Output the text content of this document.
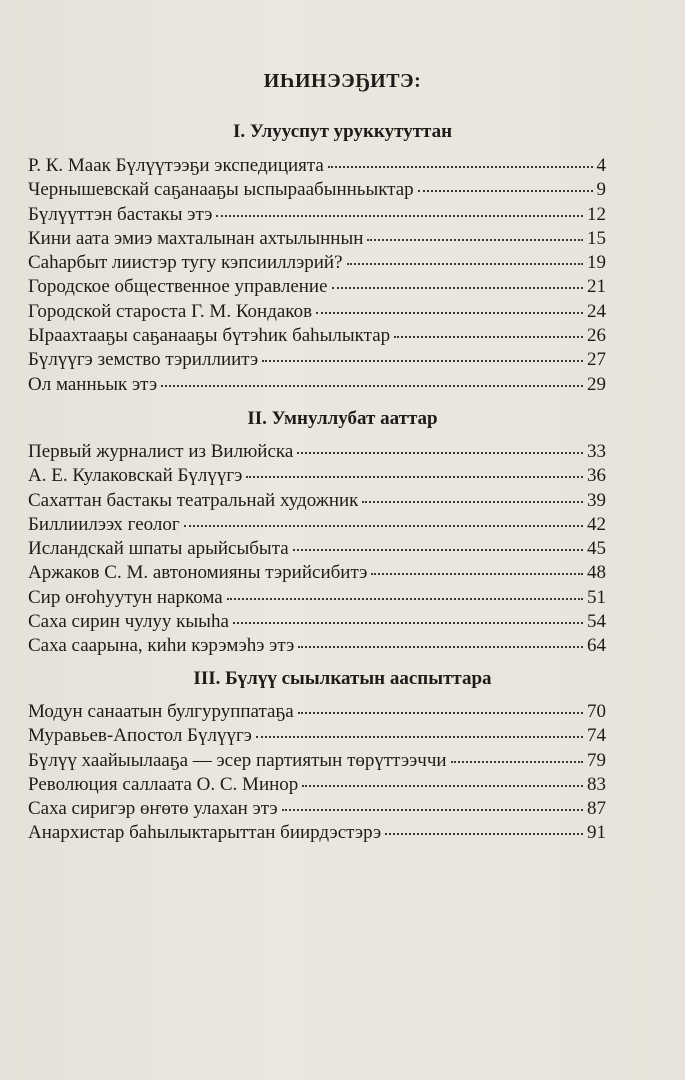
ИҺИНЭЭҔИТЭ:
I. Улууспут уруккутуттан
Р. К. Маак Бүлүүтээҕи экспедицията	4
Чернышевскай саҕанааҕы ыспыраабынньыктар	9
Бүлүүттэн бастакы этэ	12
Кини аата эмиэ махталынан ахтылыннын	15
Саһарбыт лиистэр тугу кэпсииллэрий?	19
Городское общественное управление	21
Городской староста Г. М. Кондаков	24
Ыраахтааҕы саҕанааҕы бүтэһик баһылыктар	26
Бүлүүгэ земство тэриллиитэ	27
Ол манньык этэ	29
II. Умнуллубат ааттар
Первый журналист из Вилюйска	33
А. Е. Кулаковскай Бүлүүгэ	36
Сахаттан бастакы театральнай художник	39
Биллиилээх геолог	42
Исландскай шпаты арыйсыбыта	45
Аржаков С. М. автономияны тэрийсибитэ	48
Сир оҥоһуутун наркома	51
Саха сирин чулуу кыыһа	54
Саха саарына, киһи кэрэмэһэ этэ	64
III. Бүлүү сыылкатын ааспыттара
Модун санаатын булгуруппатаҕа	70
Муравьев-Апостол Бүлүүгэ	74
Бүлүү хаайыылааҕа — эсер партиятын төрүттээччи	79
Революция саллаата О. С. Минор	83
Саха сиригэр өҥөтө улахан этэ	87
Анархистар баһылыктарыттан биирдэстэрэ	91
